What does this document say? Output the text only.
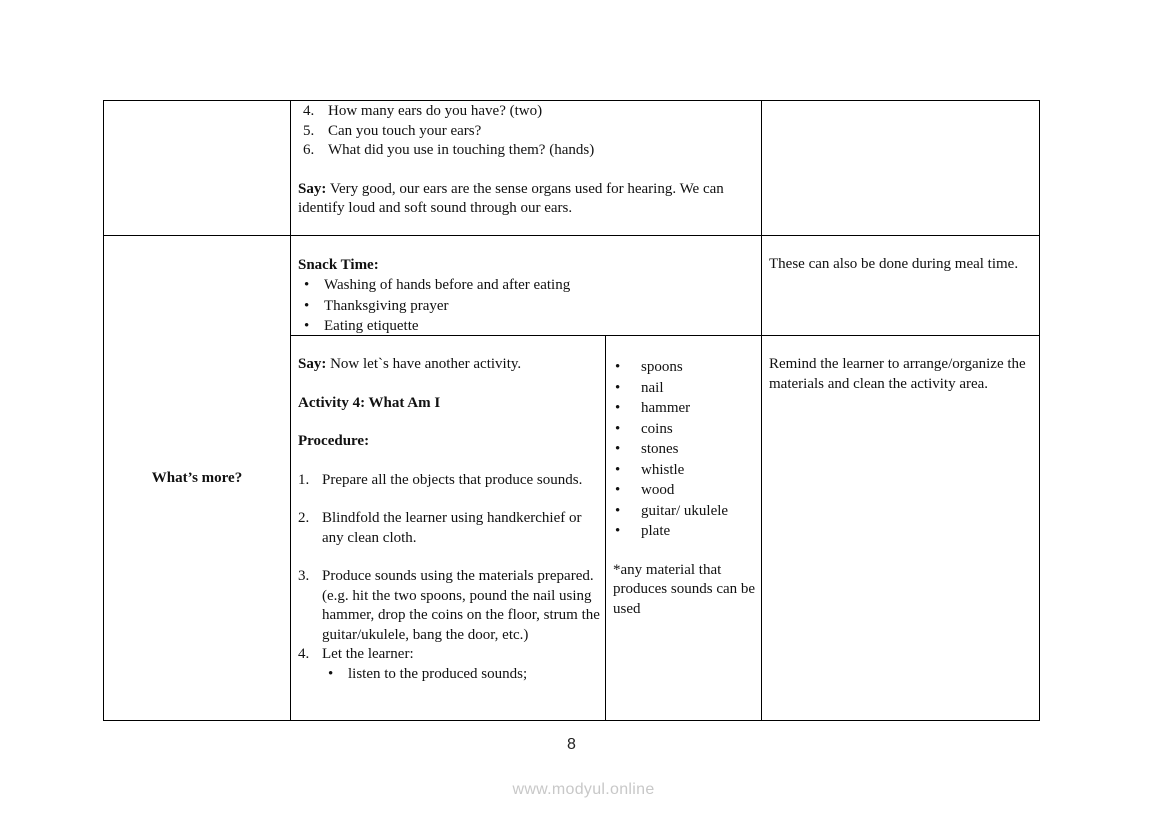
4. How many ears do you have? (two)
5. Can you touch your ears?
6. What did you use in touching them? (hands)
Say: Very good, our ears are the sense organs used for hearing. We can identify loud and soft sound through our ears.
What’s more?
Snack Time:
• Washing of hands before and after eating
• Thanksgiving prayer
• Eating etiquette
These can also be done during meal time.
Say: Now let`s have another activity.
Activity 4: What Am I
Procedure:
1. Prepare all the objects that produce sounds.
2. Blindfold the learner using handkerchief or any clean cloth.
3. Produce sounds using the materials prepared. (e.g. hit the two spoons, pound the nail using hammer, drop the coins on the floor, strum the guitar/ukulele, bang the door, etc.)
4. Let the learner:
• listen to the produced sounds;
• spoons
• nail
• hammer
• coins
• stones
• whistle
• wood
• guitar/ ukulele
• plate
*any material that produces sounds can be used
Remind the learner to arrange/organize the materials and clean the activity area.
8
www.modyul.online
